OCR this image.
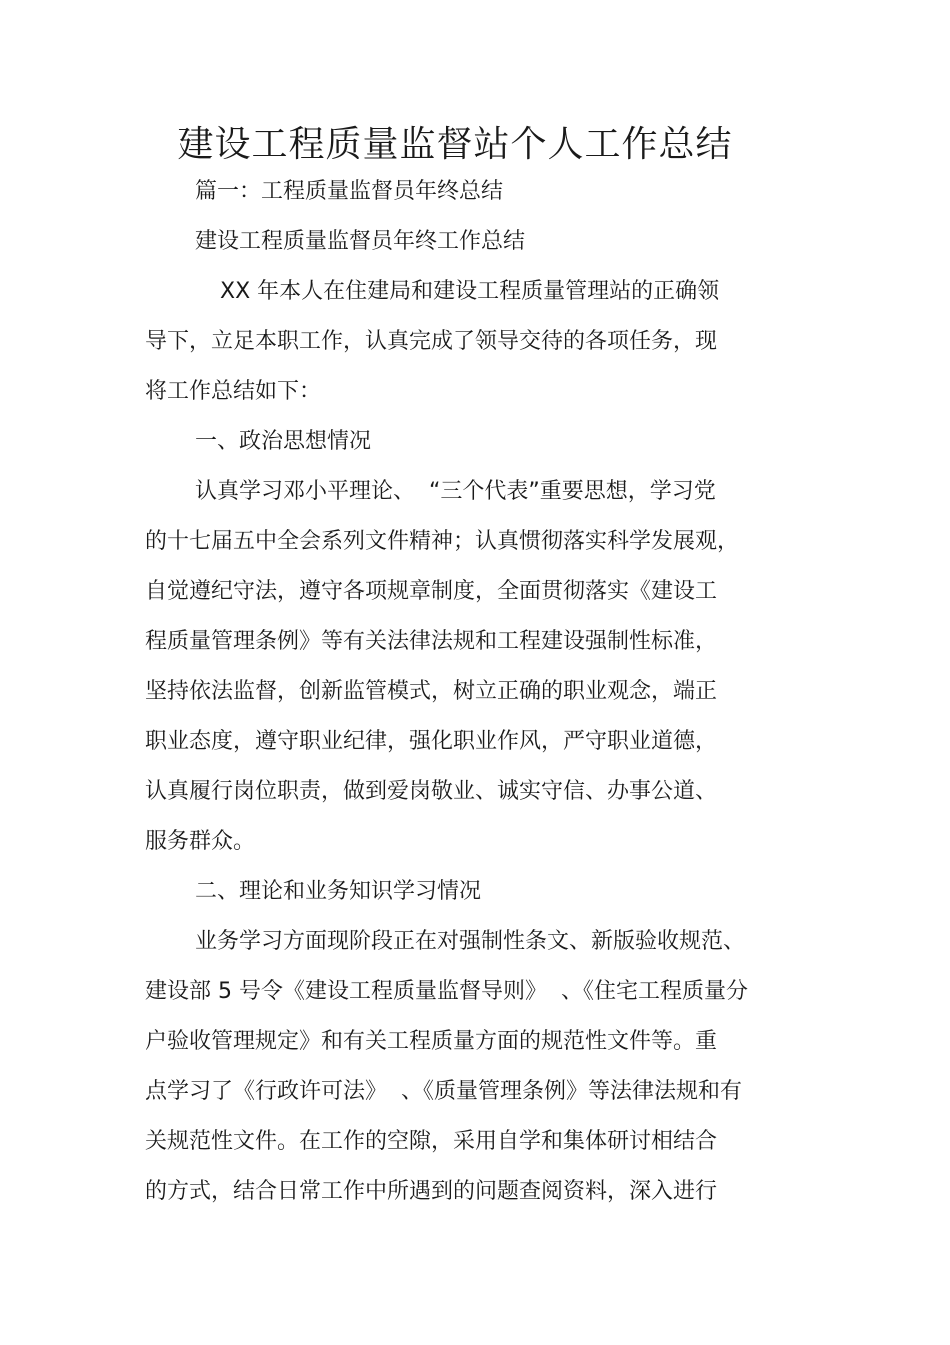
建设工程质量监督站个人工作总结

篇一：工程质量监督员年终总结

建设工程质量监督员年终工作总结

XX 年本人在住建局和建设工程质量管理站的正确领

导下，立足本职工作，认真完成了领导交待的各项任务，现

将工作总结如下：

一、政治思想情况

认真学习邓小平理论、  “三个代表”重要思想，学习党

的十七届五中全会系列文件精神；认真惯彻落实科学发展观，

自觉遵纪守法，遵守各项规章制度，全面贯彻落实《建设工

程质量管理条例》等有关法律法规和工程建设强制性标准，

坚持依法监督，创新监管模式，树立正确的职业观念，端正

职业态度，遵守职业纪律，强化职业作风，严守职业道德，

认真履行岗位职责，做到爱岗敬业、诚实守信、办事公道、

服务群众。

二、理论和业务知识学习情况

业务学习方面现阶段正在对强制性条文、新版验收规范、

建设部 5 号令《建设工程质量监督导则》  、《住宅工程质量分

户验收管理规定》和有关工程质量方面的规范性文件等。重

点学习了《行政许可法》  、《质量管理条例》等法律法规和有

关规范性文件。在工作的空隙，采用自学和集体研讨相结合

的方式，结合日常工作中所遇到的问题查阅资料，深入进行
